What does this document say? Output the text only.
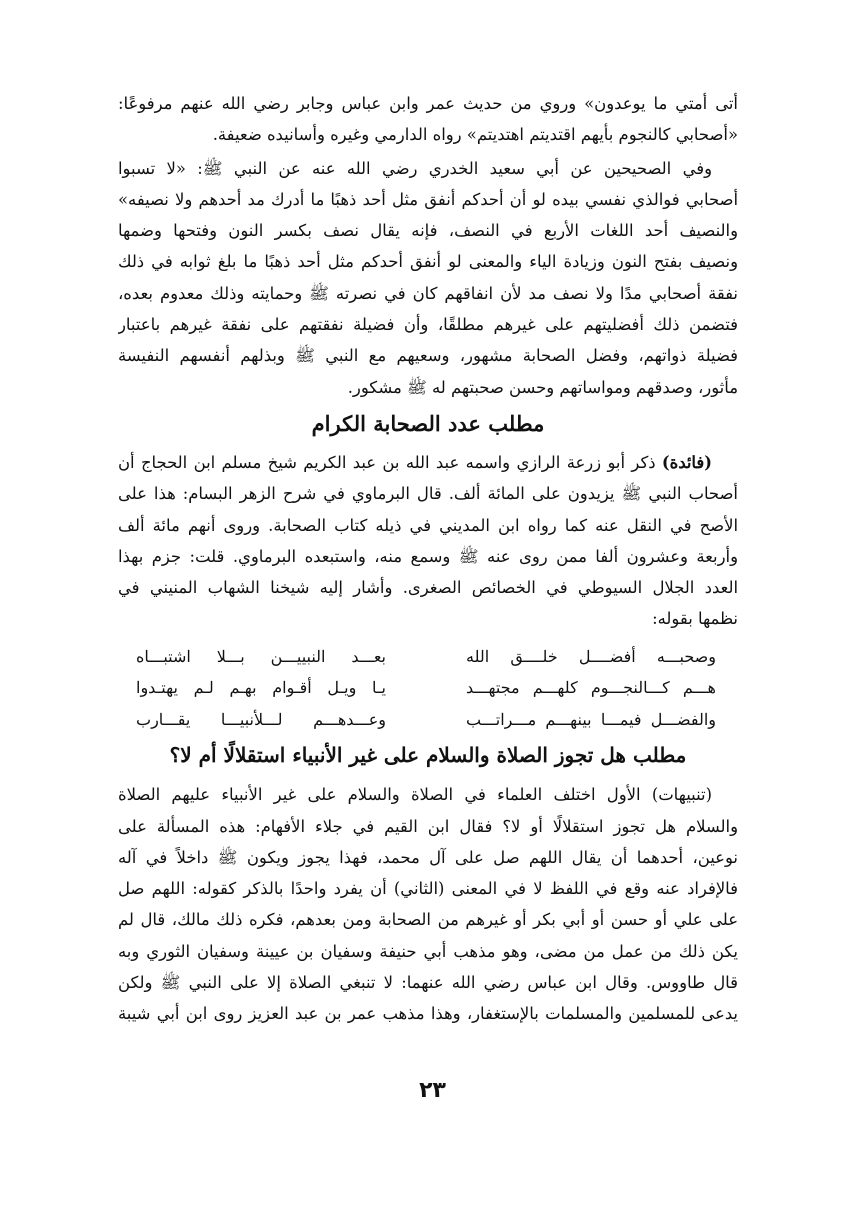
أتى أمتي ما يوعدون» وروي من حديث عمر وابن عباس وجابر رضي الله عنهم مرفوعًا:
«أصحابي كالنجوم بأيهم اقتديتم اهتديتم» رواه الدارمي وغيره وأسانيده ضعيفة.
وفي الصحيحين عن أبي سعيد الخدري رضي الله عنه عن النبي ﷺ: «لا تسبوا
أصحابي فوالذي نفسي بيده لو أن أحدكم أنفق مثل أحد ذهبًا ما أدرك مد أحدهم ولا نصيفه»
والنصيف أحد اللغات الأربع في النصف، فإنه يقال نصف بكسر النون وفتحها وضمها
ونصيف بفتح النون وزيادة الياء والمعنى لو أنفق أحدكم مثل أحد ذهبًا ما بلغ ثوابه في ذلك
نفقة أصحابي مدًا ولا نصف مد لأن انفاقهم كان في نصرته ﷺ وحمايته وذلك معدوم بعده،
فتضمن ذلك أفضليتهم على غيرهم مطلقًا، وأن فضيلة نفقتهم على نفقة غيرهم باعتبار
فضيلة ذواتهم، وفضل الصحابة مشهور، وسعيهم مع النبي ﷺ وبذلهم أنفسهم النفيسة
مأثور، وصدقهم ومواساتهم وحسن صحبتهم له ﷺ مشكور.
مطلب عدد الصحابة الكرام
(فائدة) ذكر أبو زرعة الرازي واسمه عبد الله بن عبد الكريم شيخ مسلم ابن الحجاج أن
أصحاب النبي ﷺ يزيدون على المائة ألف. قال البرماوي في شرح الزهر البسام: هذا على
الأصح في النقل عنه كما رواه ابن المديني في ذيله كتاب الصحابة. وروى أنهم مائة ألف
وأربعة وعشرون ألفا ممن روى عنه ﷺ وسمع منه، واستبعده البرماوي. قلت: جزم بهذا
العدد الجلال السيوطي في الخصائص الصغرى. وأشار إليه شيخنا الشهاب المنيني في
نظمها بقوله:
وصحبـــه أفضــــل خلــــق الله
بعـــد النبييـــن بـــلا اشتبـــاه
هـــم كـــالنجـــوم كلهـــم مجتهـــد
يـا ويـل أقـوام بهـم لـم يهتـدوا
والفضـــل فيمـــا بينهـــم مـــراتـــب
وعـــدهـــم لـــلأنبيـــا يقـــارب
مطلب هل تجوز الصلاة والسلام على غير الأنبياء استقلالًا أم لا؟
(تنبيهات) الأول اختلف العلماء في الصلاة والسلام على غير الأنبياء عليهم الصلاة
والسلام هل تجوز استقلالًا أو لا؟ فقال ابن القيم في جلاء الأفهام: هذه المسألة على
نوعين، أحدهما أن يقال اللهم صل على آل محمد، فهذا يجوز ويكون ﷺ داخلاً في آله
فالإفراد عنه وقع في اللفظ لا في المعنى (الثاني) أن يفرد واحدًا بالذكر كقوله: اللهم صل
على علي أو حسن أو أبي بكر أو غيرهم من الصحابة ومن بعدهم، فكره ذلك مالك، قال لم
يكن ذلك من عمل من مضى، وهو مذهب أبي حنيفة وسفيان بن عيينة وسفيان الثوري وبه
قال طاووس. وقال ابن عباس رضي الله عنهما: لا تنبغي الصلاة إلا على النبي ﷺ ولكن
يدعى للمسلمين والمسلمات بالإستغفار، وهذا مذهب عمر بن عبد العزيز روى ابن أبي شيبة
٢٣
